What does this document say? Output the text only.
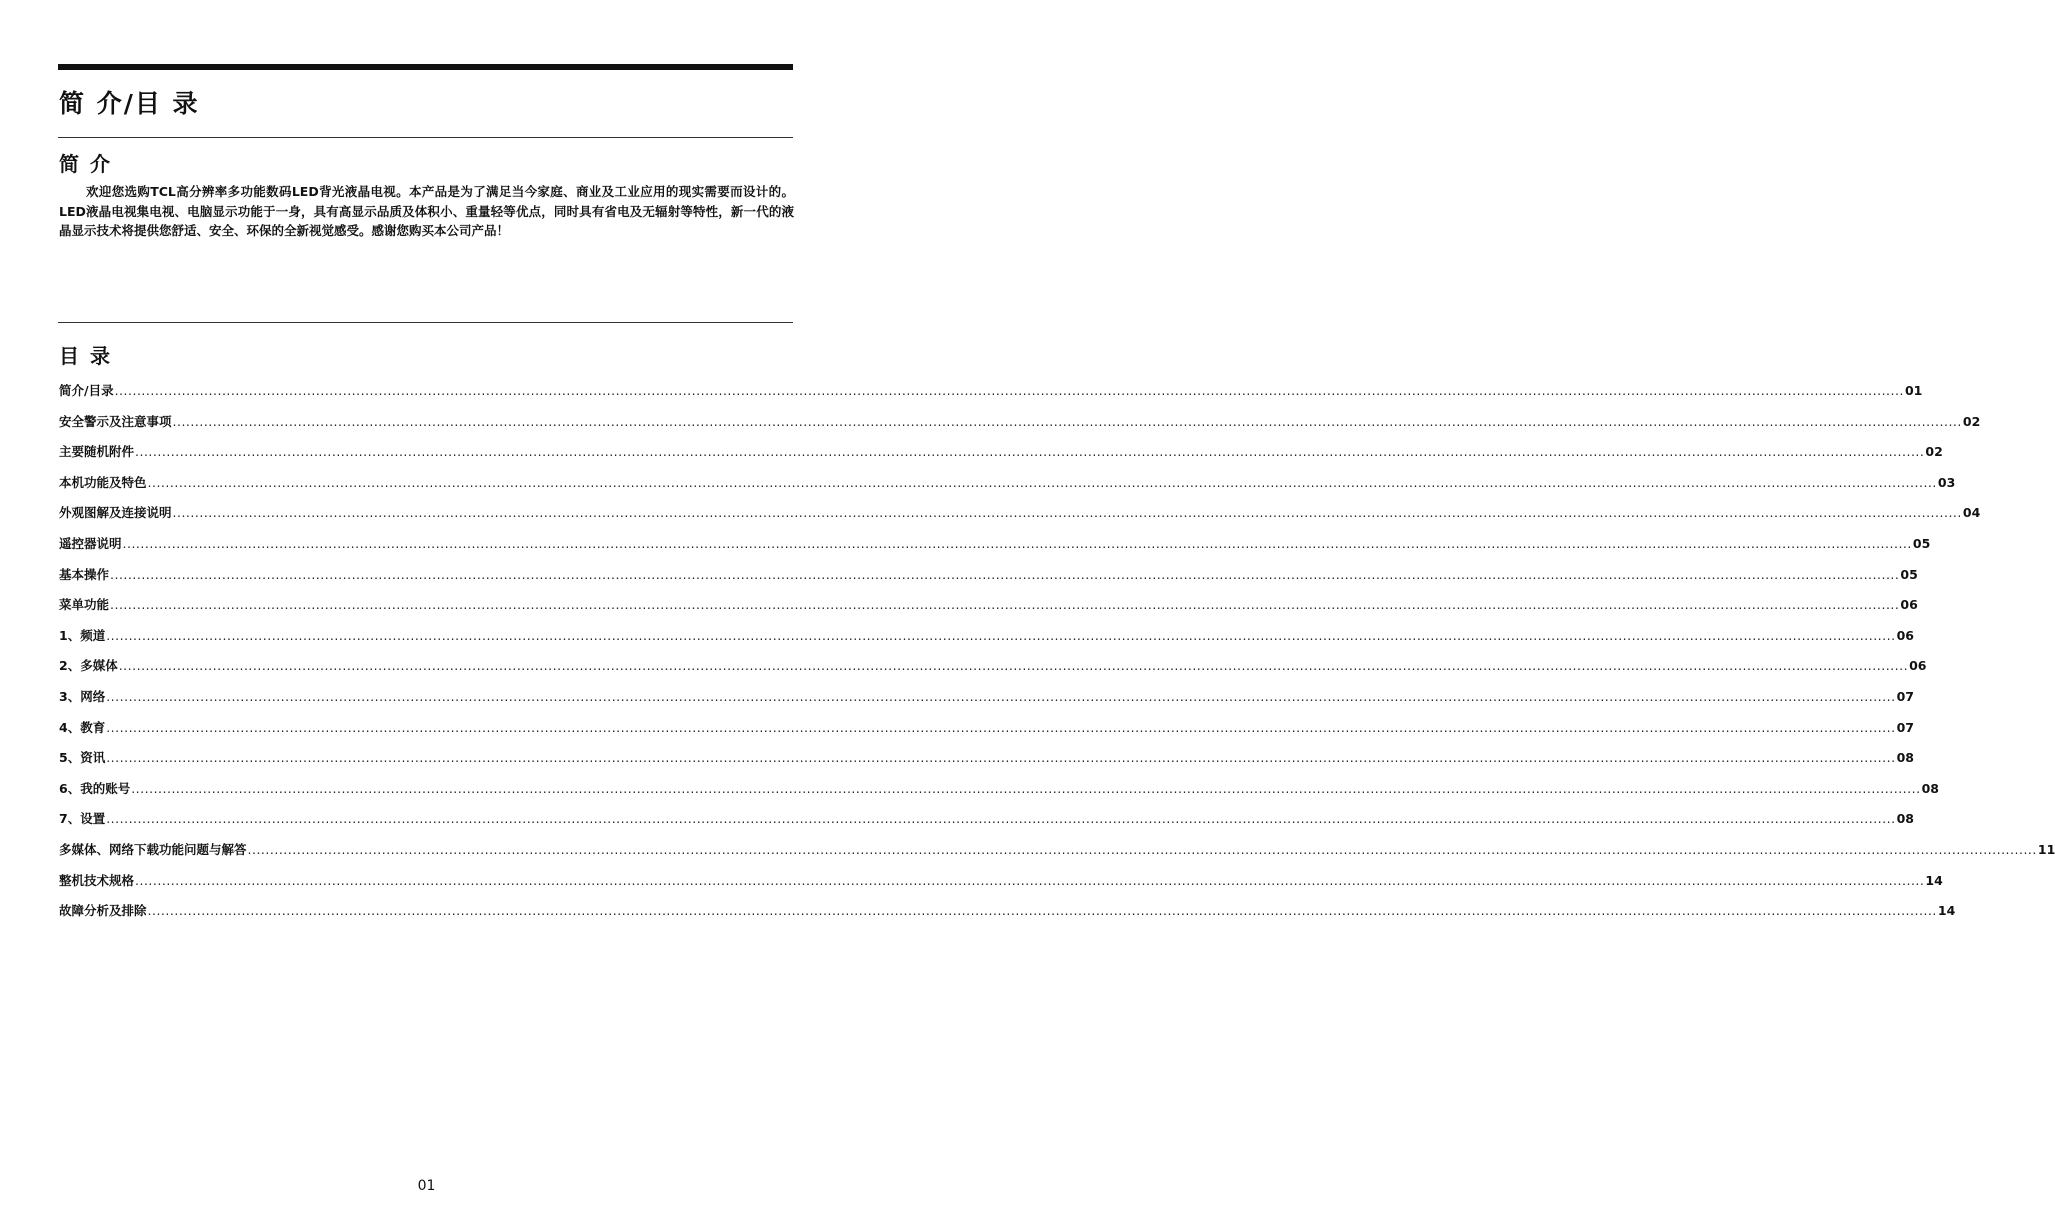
简 介/目 录
简 介
欢迎您选购TCL高分辨率多功能数码LED背光液晶电视。本产品是为了满足当今家庭、商业及工业应用的现实需要而设计的。LED液晶电视集电视、电脑显示功能于一身，具有高显示品质及体积小、重量轻等优点，同时具有省电及无辐射等特性，新一代的液晶显示技术将提供您舒适、安全、环保的全新视觉感受。感谢您购买本公司产品！
目 录
简介/目录 ................................................................................................................................................................................................................................................................................................................................................................................................................ 01
安全警示及注意事项 ................................................................................................................................................................................................................................................................................................................................................................................................................ 02
主要随机附件 ................................................................................................................................................................................................................................................................................................................................................................................................................ 02
本机功能及特色 ................................................................................................................................................................................................................................................................................................................................................................................................................ 03
外观图解及连接说明 ................................................................................................................................................................................................................................................................................................................................................................................................................ 04
遥控器说明 ................................................................................................................................................................................................................................................................................................................................................................................................................ 05
基本操作 ................................................................................................................................................................................................................................................................................................................................................................................................................ 05
菜单功能 ................................................................................................................................................................................................................................................................................................................................................................................................................ 06
1、频道 ................................................................................................................................................................................................................................................................................................................................................................................................................ 06
2、多媒体 ................................................................................................................................................................................................................................................................................................................................................................................................................ 06
3、网络 ................................................................................................................................................................................................................................................................................................................................................................................................................ 07
4、教育 ................................................................................................................................................................................................................................................................................................................................................................................................................ 07
5、资讯 ................................................................................................................................................................................................................................................................................................................................................................................................................ 08
6、我的账号 ................................................................................................................................................................................................................................................................................................................................................................................................................ 08
7、设置 ................................................................................................................................................................................................................................................................................................................................................................................................................ 08
多媒体、网络下载功能问题与解答 ................................................................................................................................................................................................................................................................................................................................................................................................................ 11
整机技术规格 ................................................................................................................................................................................................................................................................................................................................................................................................................ 14
故障分析及排除 ................................................................................................................................................................................................................................................................................................................................................................................................................ 14
01
